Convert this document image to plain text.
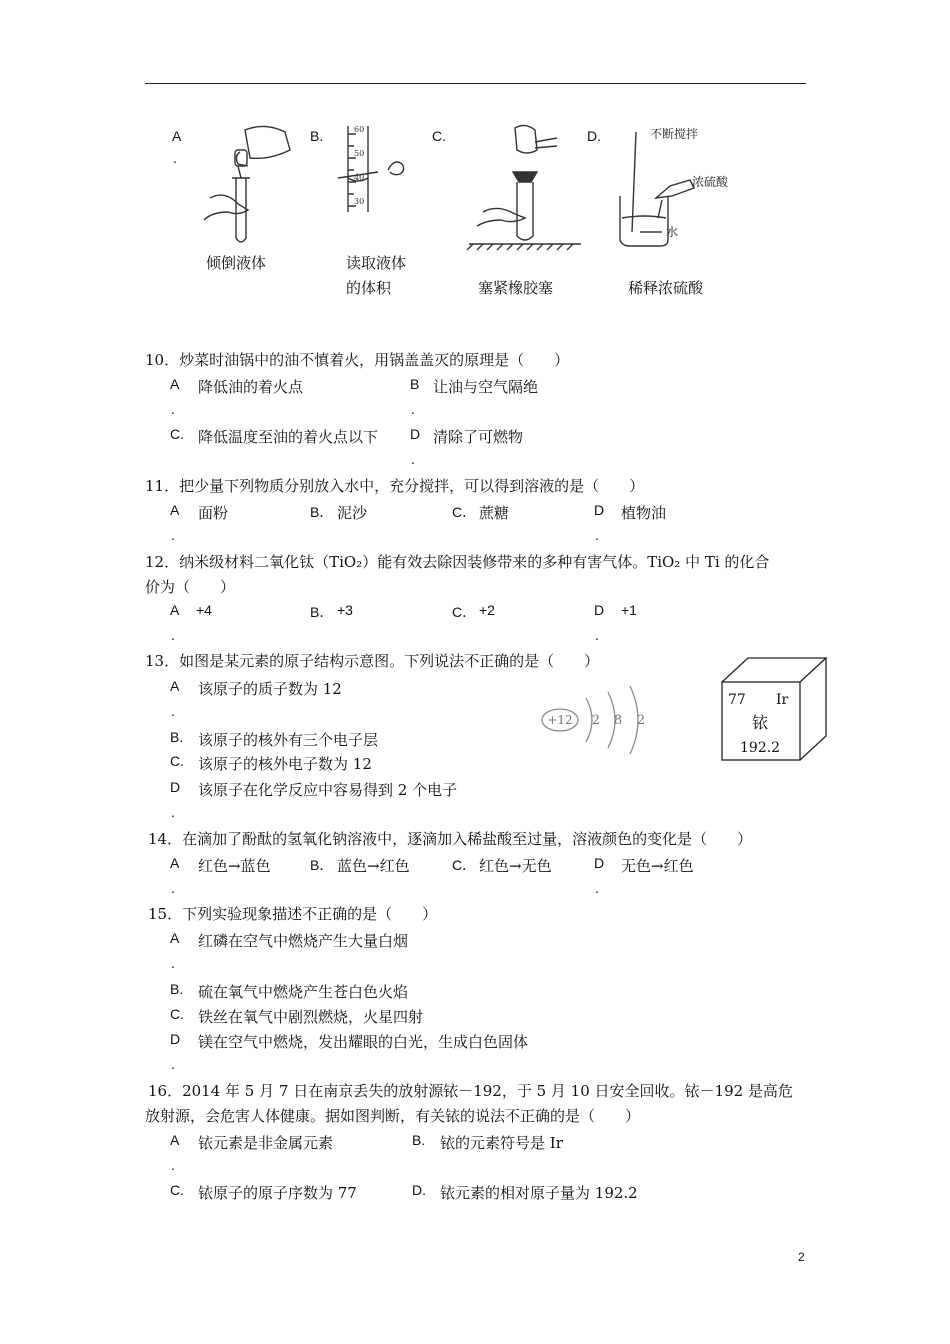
A
.
B.	C.	D.
倾倒液体
60
50
40
30
读取液体
的体积	塞紧橡胶塞
不断搅拌
浓硫酸
水
稀释浓硫酸
10．炒菜时油锅中的油不慎着火，用锅盖盖灭的原理是（　　）
A
.
降低油的着火点	B
.
让油与空气隔绝
C. 降低温度至油的着火点以下 D
.
清除了可燃物
11．把少量下列物质分别放入水中，充分搅拌，可以得到溶液的是（　　）
A
.
面粉	B． 泥沙	C． 蔗糖	D
.
植物油
12．纳米级材料二氧化钛（TiO₂）能有效去除因装修带来的多种有害气体。TiO₂ 中 Ti 的化合
价为（　　）
A
.
+4	B． +3	C． +2	D
.
+1
13．如图是某元素的原子结构示意图。下列说法不正确的是（　　）
A
.
该原子的质子数为 12
B. 该原子的核外有三个电子层
C. 该原子的核外电子数为 12
D
.
该原子在化学反应中容易得到 2 个电子
+12 2 8 2
77 Ir
铱
192.2
14．在滴加了酚酞的氢氧化钠溶液中，逐滴加入稀盐酸至过量，溶液颜色的变化是（　　）
A
.
红色→蓝色	B． 蓝色→红色	C． 红色→无色	D
.
无色→红色
15．下列实验现象描述不正确的是（　　）
A
.
红磷在空气中燃烧产生大量白烟
B. 硫在氧气中燃烧产生苍白色火焰
C. 铁丝在氧气中剧烈燃烧，火星四射
D
.
镁在空气中燃烧，发出耀眼的白光，生成白色固体
16．2014 年 5 月 7 日在南京丢失的放射源铱－192，于 5 月 10 日安全回收。铱－192 是高危
放射源，会危害人体健康。据如图判断，有关铱的说法不正确的是（　　）
A
.
铱元素是非金属元素	B. 铱的元素符号是 Ir
C. 铱原子的原子序数为 77	D. 铱元素的相对原子量为 192.2
2
